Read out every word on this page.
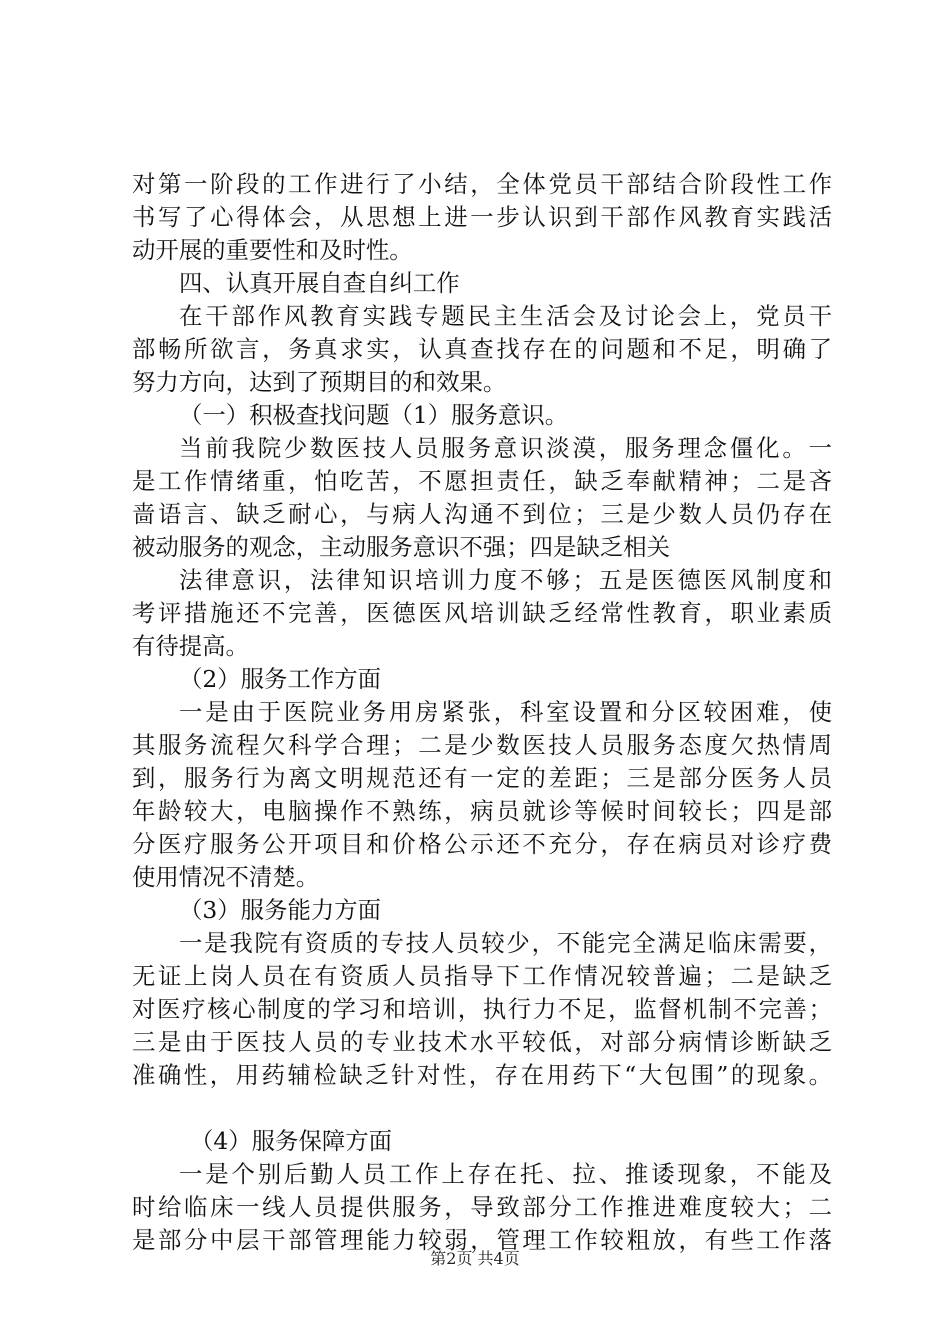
对第一阶段的工作进行了小结，全体党员干部结合阶段性工作
书写了心得体会，从思想上进一步认识到干部作风教育实践活
动开展的重要性和及时性。
四、认真开展自查自纠工作
在干部作风教育实践专题民主生活会及讨论会上，党员干
部畅所欲言，务真求实，认真查找存在的问题和不足，明确了
努力方向，达到了预期目的和效果。
（一）积极查找问题（1）服务意识。
当前我院少数医技人员服务意识淡漠，服务理念僵化。一
是工作情绪重，怕吃苦，不愿担责任，缺乏奉献精神；二是吝
啬语言、缺乏耐心，与病人沟通不到位；三是少数人员仍存在
被动服务的观念，主动服务意识不强；四是缺乏相关
法律意识，法律知识培训力度不够；五是医德医风制度和
考评措施还不完善，医德医风培训缺乏经常性教育，职业素质
有待提高。
（2）服务工作方面
一是由于医院业务用房紧张，科室设置和分区较困难，使
其服务流程欠科学合理；二是少数医技人员服务态度欠热情周
到，服务行为离文明规范还有一定的差距；三是部分医务人员
年龄较大，电脑操作不熟练，病员就诊等候时间较长；四是部
分医疗服务公开项目和价格公示还不充分，存在病员对诊疗费
使用情况不清楚。
（3）服务能力方面
一是我院有资质的专技人员较少，不能完全满足临床需要，
无证上岗人员在有资质人员指导下工作情况较普遍；二是缺乏
对医疗核心制度的学习和培训，执行力不足，监督机制不完善；
三是由于医技人员的专业技术水平较低，对部分病情诊断缺乏
准确性，用药辅检缺乏针对性，存在用药下“大包围”的现象。
（4）服务保障方面
一是个别后勤人员工作上存在托、拉、推诿现象，不能及
时给临床一线人员提供服务，导致部分工作推进难度较大；二
是部分中层干部管理能力较弱，管理工作较粗放，有些工作落
第2页 共4页
